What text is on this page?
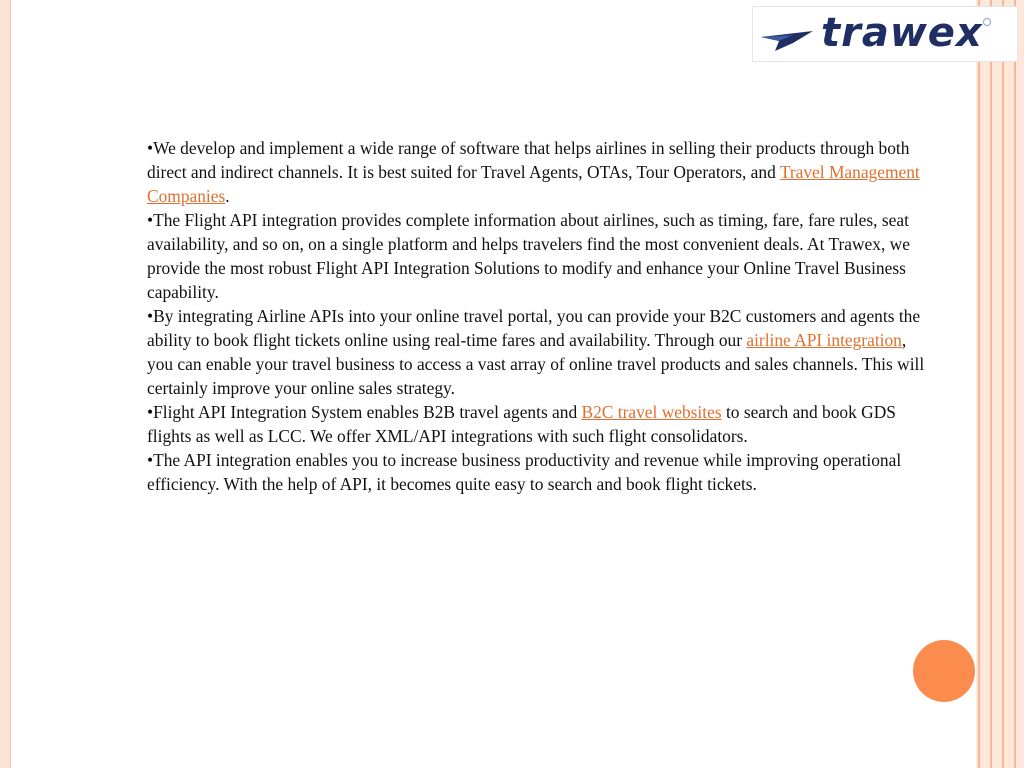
trawex

•We develop and implement a wide range of software that helps airlines in selling their products through both direct and indirect channels. It is best suited for Travel Agents, OTAs, Tour Operators, and Travel Management Companies.

•The Flight API integration provides complete information about airlines, such as timing, fare, fare rules, seat availability, and so on, on a single platform and helps travelers find the most convenient deals. At Trawex, we provide the most robust Flight API Integration Solutions to modify and enhance your Online Travel Business capability.

•By integrating Airline APIs into your online travel portal, you can provide your B2C customers and agents the ability to book flight tickets online using real-time fares and availability. Through our airline API integration, you can enable your travel business to access a vast array of online travel products and sales channels. This will certainly improve your online sales strategy.

•Flight API Integration System enables B2B travel agents and B2C travel websites to search and book GDS flights as well as LCC. We offer XML/API integrations with such flight consolidators.

•The API integration enables you to increase business productivity and revenue while improving operational efficiency. With the help of API, it becomes quite easy to search and book flight tickets.
